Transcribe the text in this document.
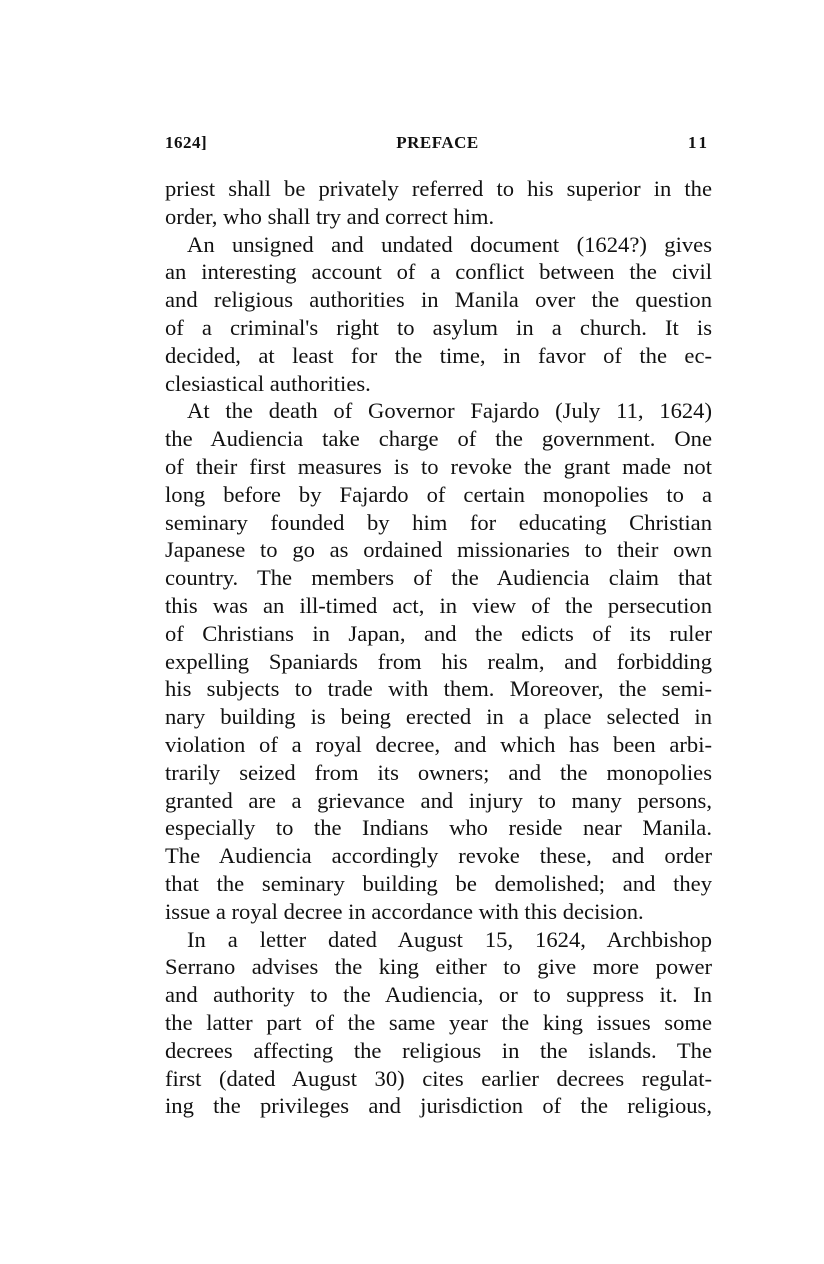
1624]	PREFACE	11
priest shall be privately referred to his superior in the
order, who shall try and correct him.
An unsigned and undated document (1624?) gives
an interesting account of a conflict between the civil
and religious authorities in Manila over the question
of a criminal's right to asylum in a church. It is
decided, at least for the time, in favor of the ec-
clesiastical authorities.
At the death of Governor Fajardo (July 11, 1624)
the Audiencia take charge of the government. One
of their first measures is to revoke the grant made not
long before by Fajardo of certain monopolies to a
seminary founded by him for educating Christian
Japanese to go as ordained missionaries to their own
country. The members of the Audiencia claim that
this was an ill-timed act, in view of the persecution
of Christians in Japan, and the edicts of its ruler
expelling Spaniards from his realm, and forbidding
his subjects to trade with them. Moreover, the semi-
nary building is being erected in a place selected in
violation of a royal decree, and which has been arbi-
trarily seized from its owners; and the monopolies
granted are a grievance and injury to many persons,
especially to the Indians who reside near Manila.
The Audiencia accordingly revoke these, and order
that the seminary building be demolished; and they
issue a royal decree in accordance with this decision.
In a letter dated August 15, 1624, Archbishop
Serrano advises the king either to give more power
and authority to the Audiencia, or to suppress it. In
the latter part of the same year the king issues some
decrees affecting the religious in the islands. The
first (dated August 30) cites earlier decrees regulat-
ing the privileges and jurisdiction of the religious,
